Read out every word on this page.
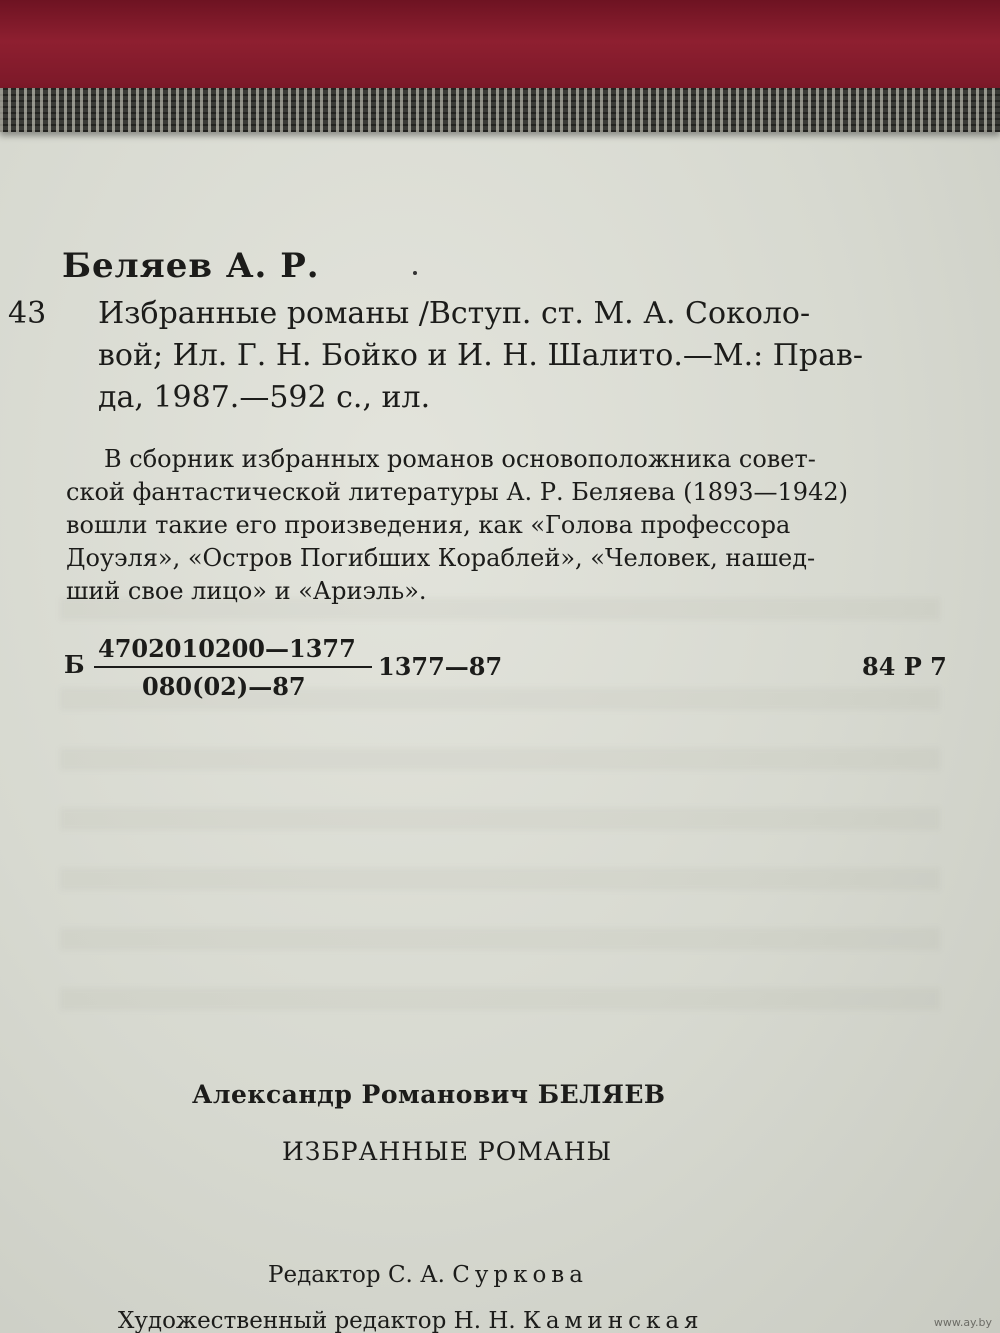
Беляев А. Р.

43 Избранные романы /Вступ. ст. М. А. Соколо-

вой; Ил. Г. Н. Бойко и И. Н. Шалито.—М.: Прав-

да, 1987.—592 с., ил.

В сборник избранных романов основоположника совет-

ской фантастической литературы А. Р. Беляева (1893—1942)

вошли такие его произведения, как «Голова профессора

Доуэля», «Остров Погибших Кораблей», «Человек, нашед-

ший свое лицо» и «Ариэль».

Б

4702010200—1377

080(02)—87

1377—87	84 Р 7

Александр Романович БЕЛЯЕВ

ИЗБРАННЫЕ РОМАНЫ

Редактор С. А. Суркова

Художественный редактор Н. Н. Каминская	www.ay.by
